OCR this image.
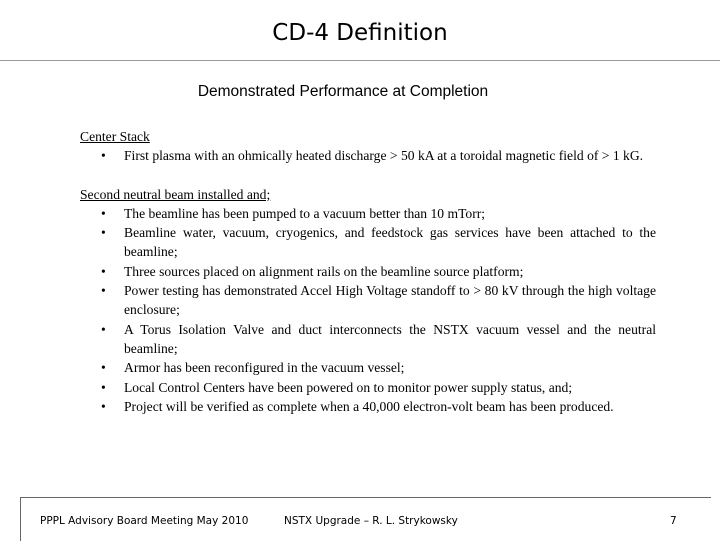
CD-4 Definition
Demonstrated Performance at Completion
Center Stack
• First plasma with an ohmically heated discharge > 50 kA at a toroidal magnetic field of > 1 kG.
Second neutral beam installed and;
• The beamline has been pumped to a vacuum better than 10 mTorr;
• Beamline water, vacuum, cryogenics, and feedstock gas services have been attached to the beamline;
• Three sources placed on alignment rails on the beamline source platform;
• Power testing has demonstrated Accel High Voltage standoff to > 80 kV through the high voltage enclosure;
• A Torus Isolation Valve and duct interconnects the NSTX vacuum vessel and the neutral beamline;
• Armor has been reconfigured in the vacuum vessel;
• Local Control Centers have been powered on to monitor power supply status, and;
• Project will be verified as complete when a 40,000 electron-volt beam has been produced.
PPPL Advisory Board Meeting May 2010	NSTX Upgrade – R. L. Strykowsky	7
